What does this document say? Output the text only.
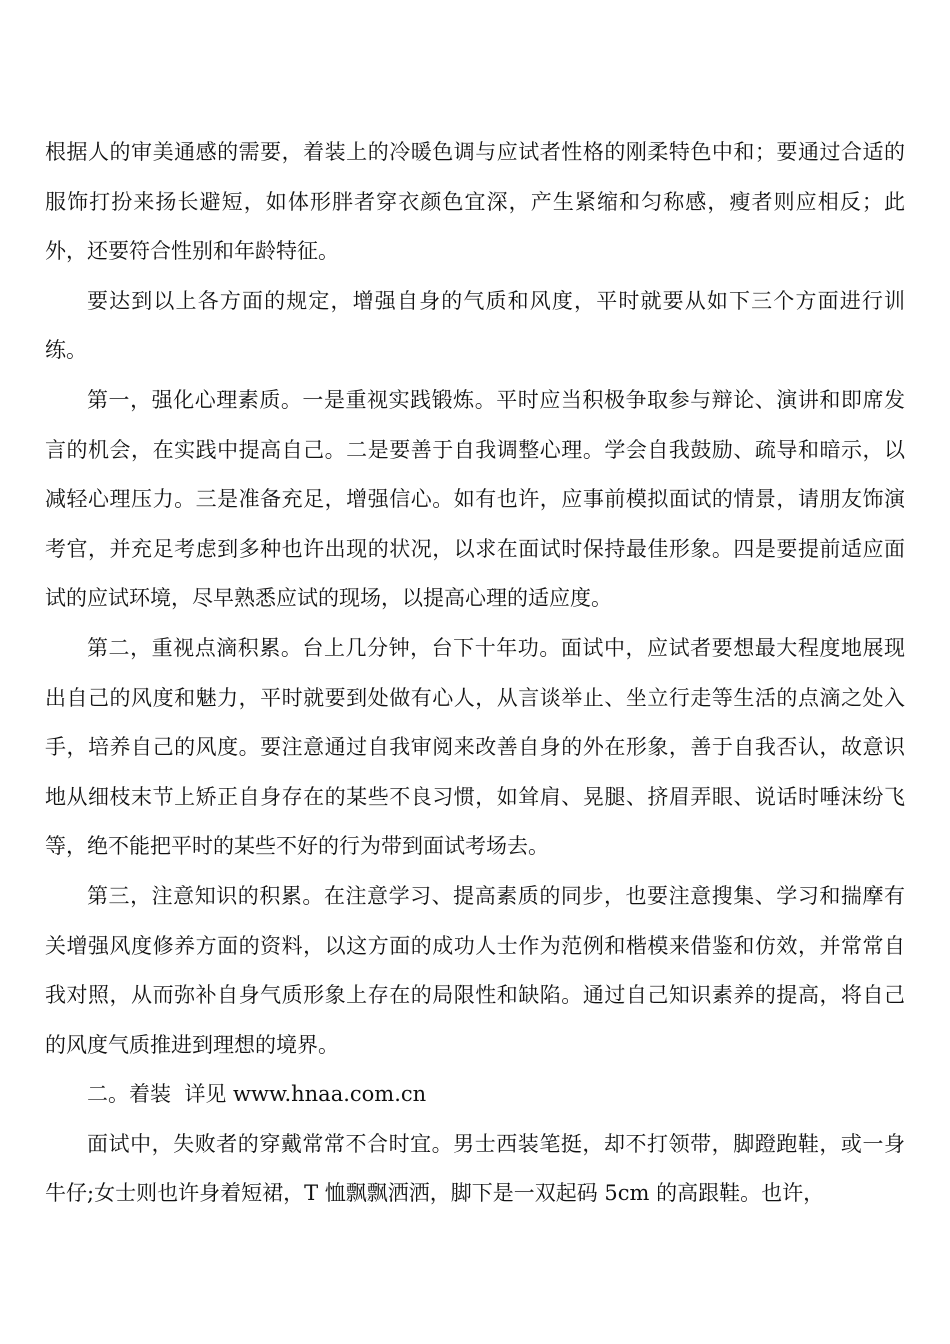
根据人的审美通感的需要，着装上的冷暖色调与应试者性格的刚柔特色中和；要通过合适的服饰打扮来扬长避短，如体形胖者穿衣颜色宜深，产生紧缩和匀称感，瘦者则应相反；此外，还要符合性别和年龄特征。

要达到以上各方面的规定，增强自身的气质和风度，平时就要从如下三个方面进行训练。

第一，强化心理素质。一是重视实践锻炼。平时应当积极争取参与辩论、演讲和即席发言的机会，在实践中提高自己。二是要善于自我调整心理。学会自我鼓励、疏导和暗示，以减轻心理压力。三是准备充足，增强信心。如有也许，应事前模拟面试的情景，请朋友饰演考官，并充足考虑到多种也许出现的状况，以求在面试时保持最佳形象。四是要提前适应面试的应试环境，尽早熟悉应试的现场，以提高心理的适应度。

第二，重视点滴积累。台上几分钟，台下十年功。面试中，应试者要想最大程度地展现出自己的风度和魅力，平时就要到处做有心人，从言谈举止、坐立行走等生活的点滴之处入手，培养自己的风度。要注意通过自我审阅来改善自身的外在形象，善于自我否认，故意识地从细枝末节上矫正自身存在的某些不良习惯，如耸肩、晃腿、挤眉弄眼、说话时唾沫纷飞等，绝不能把平时的某些不好的行为带到面试考场去。

第三，注意知识的积累。在注意学习、提高素质的同步，也要注意搜集、学习和揣摩有关增强风度修养方面的资料，以这方面的成功人士作为范例和楷模来借鉴和仿效，并常常自我对照，从而弥补自身气质形象上存在的局限性和缺陷。通过自己知识素养的提高，将自己的风度气质推进到理想的境界。

二。着装  详见 www.hnaa.com.cn

面试中，失败者的穿戴常常不合时宜。男士西装笔挺，却不打领带，脚蹬跑鞋，或一身牛仔;女士则也许身着短裙，T 恤飘飘洒洒，脚下是一双起码 5cm 的高跟鞋。也许，
